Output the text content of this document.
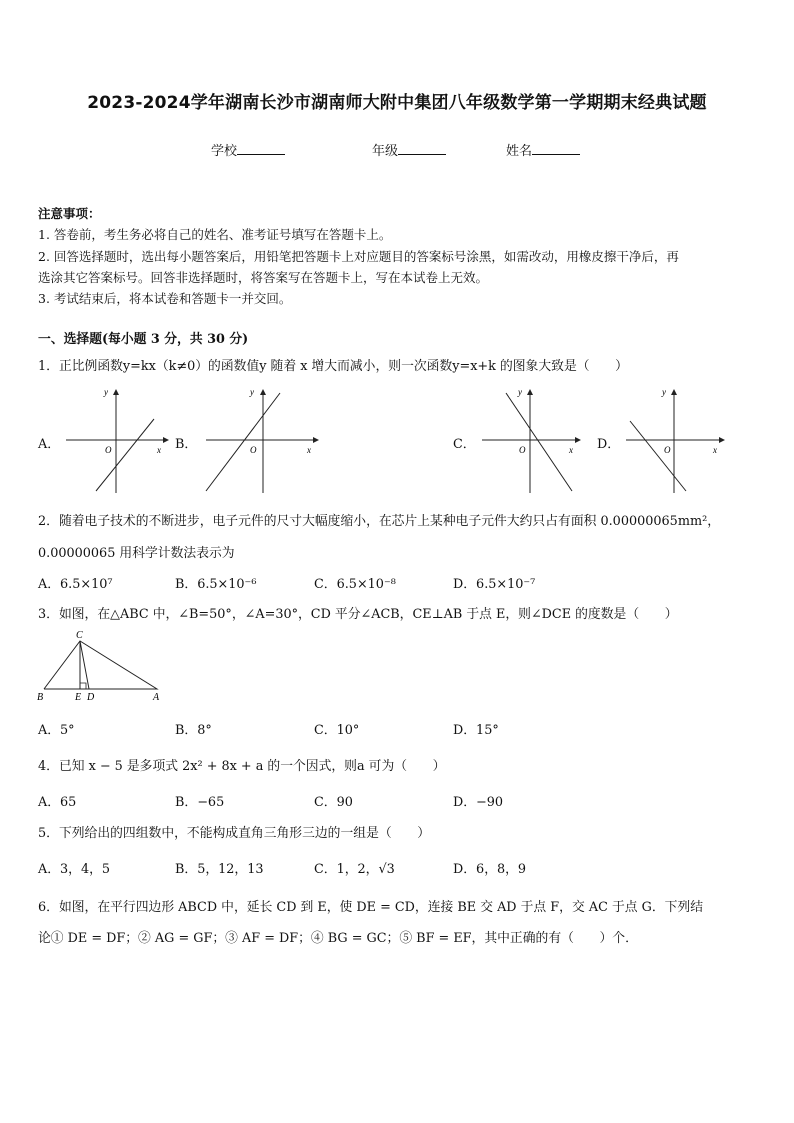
2023-2024学年湖南长沙市湖南师大附中集团八年级数学第一学期期末经典试题
学校	年级	姓名
注意事项：
1. 答卷前，考生务必将自己的姓名、准考证号填写在答题卡上。
2. 回答选择题时，选出每小题答案后，用铅笔把答题卡上对应题目的答案标号涂黑，如需改动，用橡皮擦干净后，再
选涂其它答案标号。回答非选择题时，将答案写在答题卡上，写在本试卷上无效。
3. 考试结束后，将本试卷和答题卡一并交回。
一、选择题(每小题 3 分，共 30 分)
1．正比例函数y=kx（k≠0）的函数值y 随着 x 增大而减小，则一次函数y=x+k 的图象大致是（　　）
A．
y
O	x B．
y
O	x	C．
y
O	x D．
y
O	x
2．随着电子技术的不断进步，电子元件的尺寸大幅度缩小，在芯片上某种电子元件大约只占有面积 0.00000065mm²，
0.00000065 用科学计数法表示为
A．6.5×10⁷	B．6.5×10⁻⁶	C．6.5×10⁻⁸	D．6.5×10⁻⁷
3．如图，在△ABC 中，∠B=50°，∠A=30°，CD 平分∠ACB，CE⊥AB 于点 E，则∠DCE 的度数是（　　）
C
B	E D	A
A．5°	B．8°	C．10°	D．15°
4．已知 x − 5 是多项式 2x² + 8x + a 的一个因式，则a 可为（　　）
A．65	B．−65	C．90	D．−90
5．下列给出的四组数中，不能构成直角三角形三边的一组是（　　）
A．3，4，5	B．5，12，13	C．1，2，√3	D．6，8，9
6．如图，在平行四边形 ABCD 中，延长 CD 到 E，使 DE = CD，连接 BE 交 AD 于点 F，交 AC 于点 G．下列结
论① DE = DF；② AG = GF；③ AF = DF；④ BG = GC；⑤ BF = EF，其中正确的有（　　）个．
